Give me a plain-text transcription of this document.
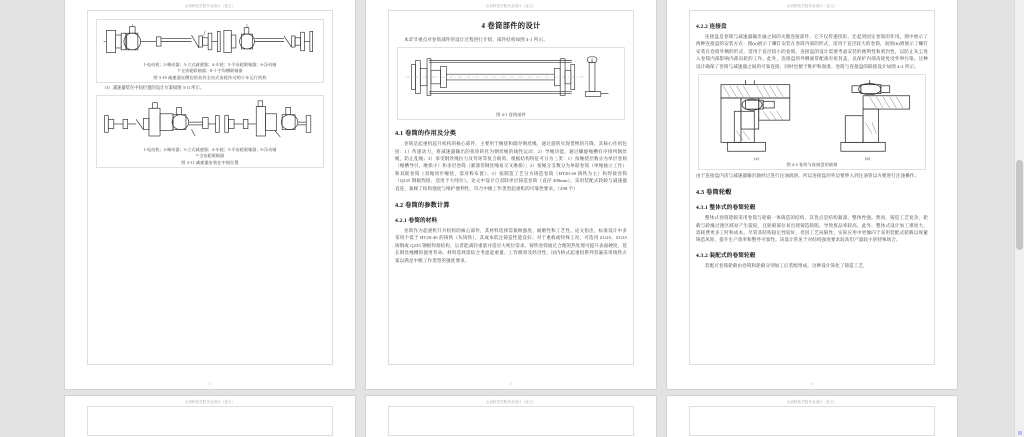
山西科技学院毕业设计（论文）
1-电动机；2-制动器；3-立式减速器；4-车轮；5-半齿轮联轴器；6-浮动轴
7-全齿轮联轴器；8-十字沟槽联轴器
图 3-10 减速器在侧边的具有全齿式齿轮传动的小车运行机构
（3）减速器装在中间位置的设计方案如图 3-11 所示。
1-电动机；2-制动器；3-立式减速器；4-车轮；5-半齿轮联轴器；6-浮动轴
7-全齿轮联轴器
图 3-11 减速器安装在中间位置
34
山西科技学院毕业设计（论文）
4 卷筒部件的设计
本章节重点对卷筒部件的设计过程进行介绍，部件结构如图 4-1 所示。
图 4-1 卷筒部件
4.1 卷筒的作用及分类
卷筒是起重机起升机构的核心部件，主要用于缠绕和储存钢丝绳，通过旋转实现货物的升降，其核心作用包括：1）传递动力，将减速器输出的扭矩转化为钢丝绳的线性运动；2）导绳功能，通过螺旋绳槽有序排列钢丝绳，防止乱绳；3）承受钢丝绳拉力及弯矩等复合载荷。根据结构特征可分为三类：1）按缠绕层数分为单层卷筒（绳槽导引，磨损小）和多层卷筒（紧凑但钢丝绳易交叉磨损）；2）按绳分支数分为单联卷筒（单绳独立工作）和双联卷筒（双绳同步缠绕，需对称布置）；3）按制造工艺分为铸造卷筒（HT20-40 铸铁为主）和焊接卷筒（Q235 钢板焊接，适用于大吨位）。论文中设计自双联单层铸造卷筒（直径 400mm），采用装配式轮毂与减速器直连，兼顾了结构强度与维护便利性，符合中级工作类型起重机的可靠性要求。（298 字）
4.2 卷筒的参数计算
4.2.1 卷筒的材料
卷筒作为起重机升升机构的核心部件，其材料选择需兼顾强度、耐磨性和工艺性。论文指出，标准设计中多采用不低于 HT20-40 的铸铁（灰铸铁），其成本低且铸造性能良好；对于重载或特殊工况，可选用 ZG25、ZG35 铸钢或 Q235 钢板焊接结构，后者能减轻重量并适应大吨位需求。铸铁卷筒通过合理的热处理可提升表面硬度，延长钢丝绳槽的使用寿命。材料选择需综合考虑起重量、工作级别及经济性，国内桥式起重机系列普遍采用铸铁方案以满足中级工作类型的强度要求。
35
山西科技学院毕业设计（论文）
4.2.2 连接盘
连接盘是卷筒与减速器输出轴之间的关键连接部件，它不仅传递扭矩，还起到固定卷筒的作用。图中展示了两种连接盘的安装方式：图(a)展示了螺钉安装在卷筒内部的形式，适用于直径较大的卷筒，而图(b)则展示了螺钉安装在卷筒外侧的形式，适用于直径较小的卷筒。连接盘的设计需要考虑安装的便利性和密封性，以防止灰尘进入卷筒内部影响内部齿轮的工作。此外，连接盘的外侧通常配备有密封盖，以保护内部齿轮免受外界污染。这种设计确保了卷筒与减速器之间的可靠连接，同时也便于维护和润滑。卷筒与连接盘的联接设计如图 4-2 所示。
(a)	(b)
图 4-2 卷筒与连接盘的联接
由于连接盘内齿与减速器输出轴经过进行注油润滑，所以连接盘的外边要伸入到注油管以方便进行注油操作。
4.3 卷筒轮毂
4.3.1 整体式的卷筒轮毂
整体式卷筒轮毂采用卷筒与轮毂一体铸造的结构，其优点是结构紧凑、整体性强。然而，铸造工艺复杂，轮毂与轮缘过渡区域易产生裂纹，且轮毂部位易出现铸造缺陷，导致废品率较高。此外，整体式设计加工难度大，需耗费更多工时和成本。尽管其结构稳定性较好，但因工艺局限性，实际应用中更倾向于采用装配式轮毂以规避铸造风险，提升生产效率和整件可靠性。该设计常见于对结构强度要求较高但产量较小的特殊场合。
4.3.2 装配式的卷筒轮毂
装配式卷筒轮毂由卷筒和轮毂分别加工后装配组成，这种设计简化了铸造工艺，
36
山西科技学院毕业设计（论文）	山西科技学院毕业设计（论文）	山西科技学院毕业设计（论文）
